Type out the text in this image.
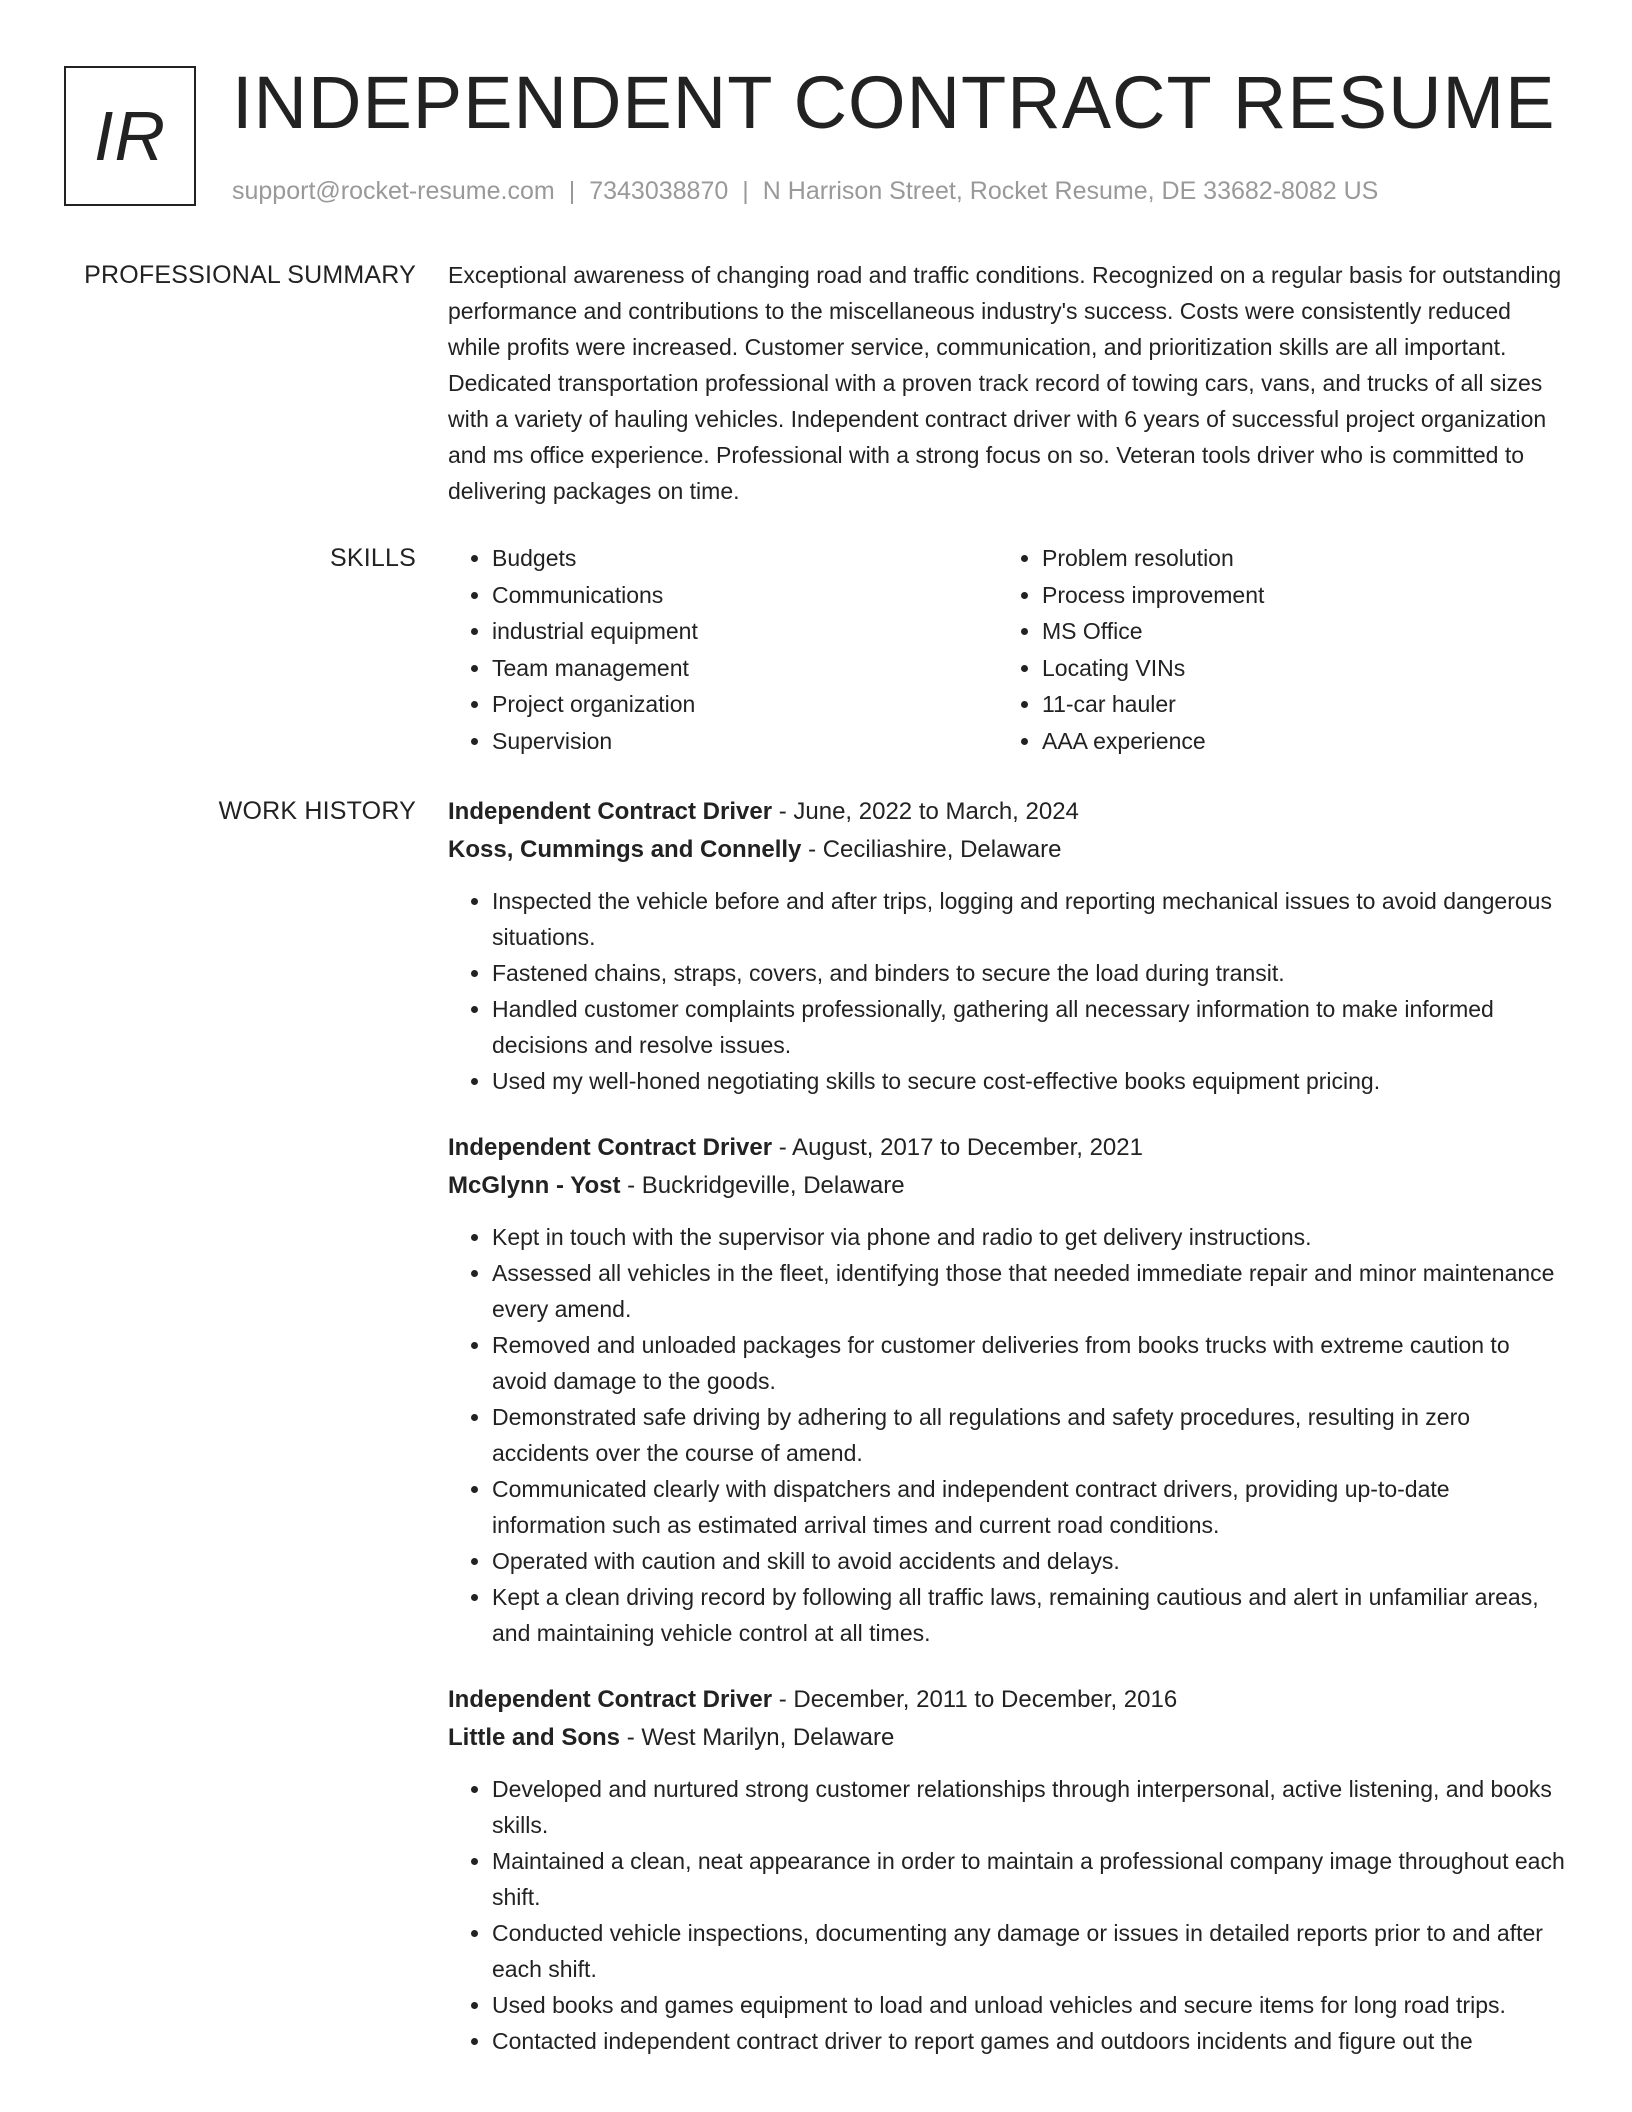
IR INDEPENDENT CONTRACT RESUME
support@rocket-resume.com | 7343038870 | N Harrison Street, Rocket Resume, DE 33682-8082 US
PROFESSIONAL SUMMARY Exceptional awareness of changing road and traffic conditions. Recognized on a regular basis for outstanding performance and contributions to the miscellaneous industry's success. Costs were consistently reduced while profits were increased. Customer service, communication, and prioritization skills are all important. Dedicated transportation professional with a proven track record of towing cars, vans, and trucks of all sizes with a variety of hauling vehicles. Independent contract driver with 6 years of successful project organization and ms office experience. Professional with a strong focus on so. Veteran tools driver who is committed to delivering packages on time.

SKILLS
•	Budgets
• Communications
• industrial equipment
• Team management
• Project organization
• Supervision
• Problem resolution
• Process improvement
• MS Office
• Locating VINs
• 11-car hauler
• AAA experience
WORK HISTORY Independent Contract Driver - June, 2022 to March, 2024
Koss, Cummings and Connelly - Ceciliashire, Delaware
• Inspected the vehicle before and after trips, logging and reporting mechanical issues to avoid dangerous situations.
• Fastened chains, straps, covers, and binders to secure the load during transit.
• Handled customer complaints professionally, gathering all necessary information to make informed decisions and resolve issues.
• Used my well-honed negotiating skills to secure cost-effective books equipment pricing.
Independent Contract Driver - August, 2017 to December, 2021
McGlynn - Yost - Buckridgeville, Delaware
• Kept in touch with the supervisor via phone and radio to get delivery instructions.
• Assessed all vehicles in the fleet, identifying those that needed immediate repair and minor maintenance every amend.
• Removed and unloaded packages for customer deliveries from books trucks with extreme caution to avoid damage to the goods.
• Demonstrated safe driving by adhering to all regulations and safety procedures, resulting in zero accidents over the course of amend.
• Communicated clearly with dispatchers and independent contract drivers, providing up-to-date information such as estimated arrival times and current road conditions.
• Operated with caution and skill to avoid accidents and delays.
• Kept a clean driving record by following all traffic laws, remaining cautious and alert in unfamiliar areas, and maintaining vehicle control at all times.
Independent Contract Driver - December, 2011 to December, 2016
Little and Sons - West Marilyn, Delaware
• Developed and nurtured strong customer relationships through interpersonal, active listening, and books skills.
• Maintained a clean, neat appearance in order to maintain a professional company image throughout each shift.
• Conducted vehicle inspections, documenting any damage or issues in detailed reports prior to and after each shift.
• Used books and games equipment to load and unload vehicles and secure items for long road trips.
• Contacted independent contract driver to report games and outdoors incidents and figure out the
